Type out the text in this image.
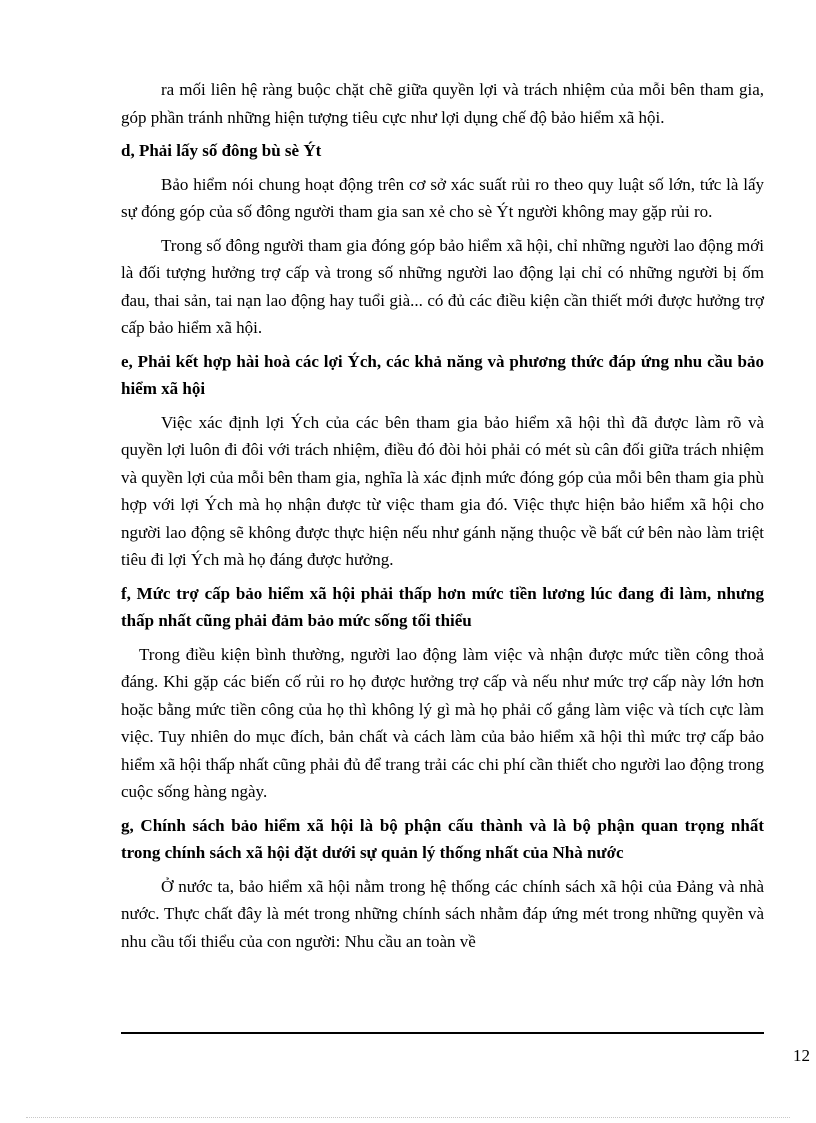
ra mối liên hệ ràng buộc chặt chẽ giữa quyền lợi và trách nhiệm của mỗi bên tham gia, góp phần tránh những hiện tượng tiêu cực như lợi dụng chế độ bảo hiểm xã hội.

d, Phải lấy số đông bù sè Ýt

Bảo hiểm nói chung hoạt động trên cơ sở xác suất rủi ro theo quy luật số lớn, tức là lấy sự đóng góp của số đông người tham gia san xẻ cho sè Ýt người không may gặp rủi ro.

Trong số đông người tham gia đóng góp bảo hiểm xã hội, chỉ những người lao động mới là đối tượng hưởng trợ cấp và trong số những người lao động lại chỉ có những người bị ốm đau, thai sản, tai nạn lao động hay tuổi già... có đủ các điều kiện cần thiết mới được hưởng trợ cấp bảo hiểm xã hội.

e, Phải kết hợp hài hoà các lợi Ých, các khả năng và phương thức đáp ứng nhu cầu bảo hiểm xã hội

Việc xác định lợi Ých của các bên tham gia bảo hiểm xã hội thì đã được làm rõ và quyền lợi luôn đi đôi với trách nhiệm, điều đó đòi hỏi phải có mét sù cân đối giữa trách nhiệm và quyền lợi của mỗi bên tham gia, nghĩa là xác định mức đóng góp của mỗi bên tham gia phù hợp với lợi Ých mà họ nhận được từ việc tham gia đó. Việc thực hiện bảo hiểm xã hội cho người lao động sẽ không được thực hiện nếu như gánh nặng thuộc về bất cứ bên nào làm triệt tiêu đi lợi Ých mà họ đáng được hưởng.

f, Mức trợ cấp bảo hiểm xã hội phải thấp hơn mức tiền lương lúc đang đi làm, nhưng thấp nhất cũng phải đảm bảo mức sống tối thiểu

Trong điều kiện bình thường, người lao động làm việc và nhận được mức tiền công thoả đáng. Khi gặp các biến cố rủi ro họ được hưởng trợ cấp và nếu như mức trợ cấp này lớn hơn hoặc bằng mức tiền công của họ thì không lý gì mà họ phải cố gắng làm việc và tích cực làm việc. Tuy nhiên do mục đích, bản chất và cách làm của bảo hiểm xã hội thì mức trợ cấp bảo hiểm xã hội thấp nhất cũng phải đủ để trang trải các chi phí cần thiết cho người lao động trong cuộc sống hàng ngày.

g, Chính sách bảo hiểm xã hội là bộ phận cấu thành và là bộ phận quan trọng nhất trong chính sách xã hội đặt dưới sự quản lý thống nhất của Nhà nước

Ở nước ta, bảo hiểm xã hội nằm trong hệ thống các chính sách xã hội của Đảng và nhà nước. Thực chất đây là mét trong những chính sách nhằm đáp ứng mét trong những quyền và nhu cầu tối thiểu của con người: Nhu cầu an toàn về

12
